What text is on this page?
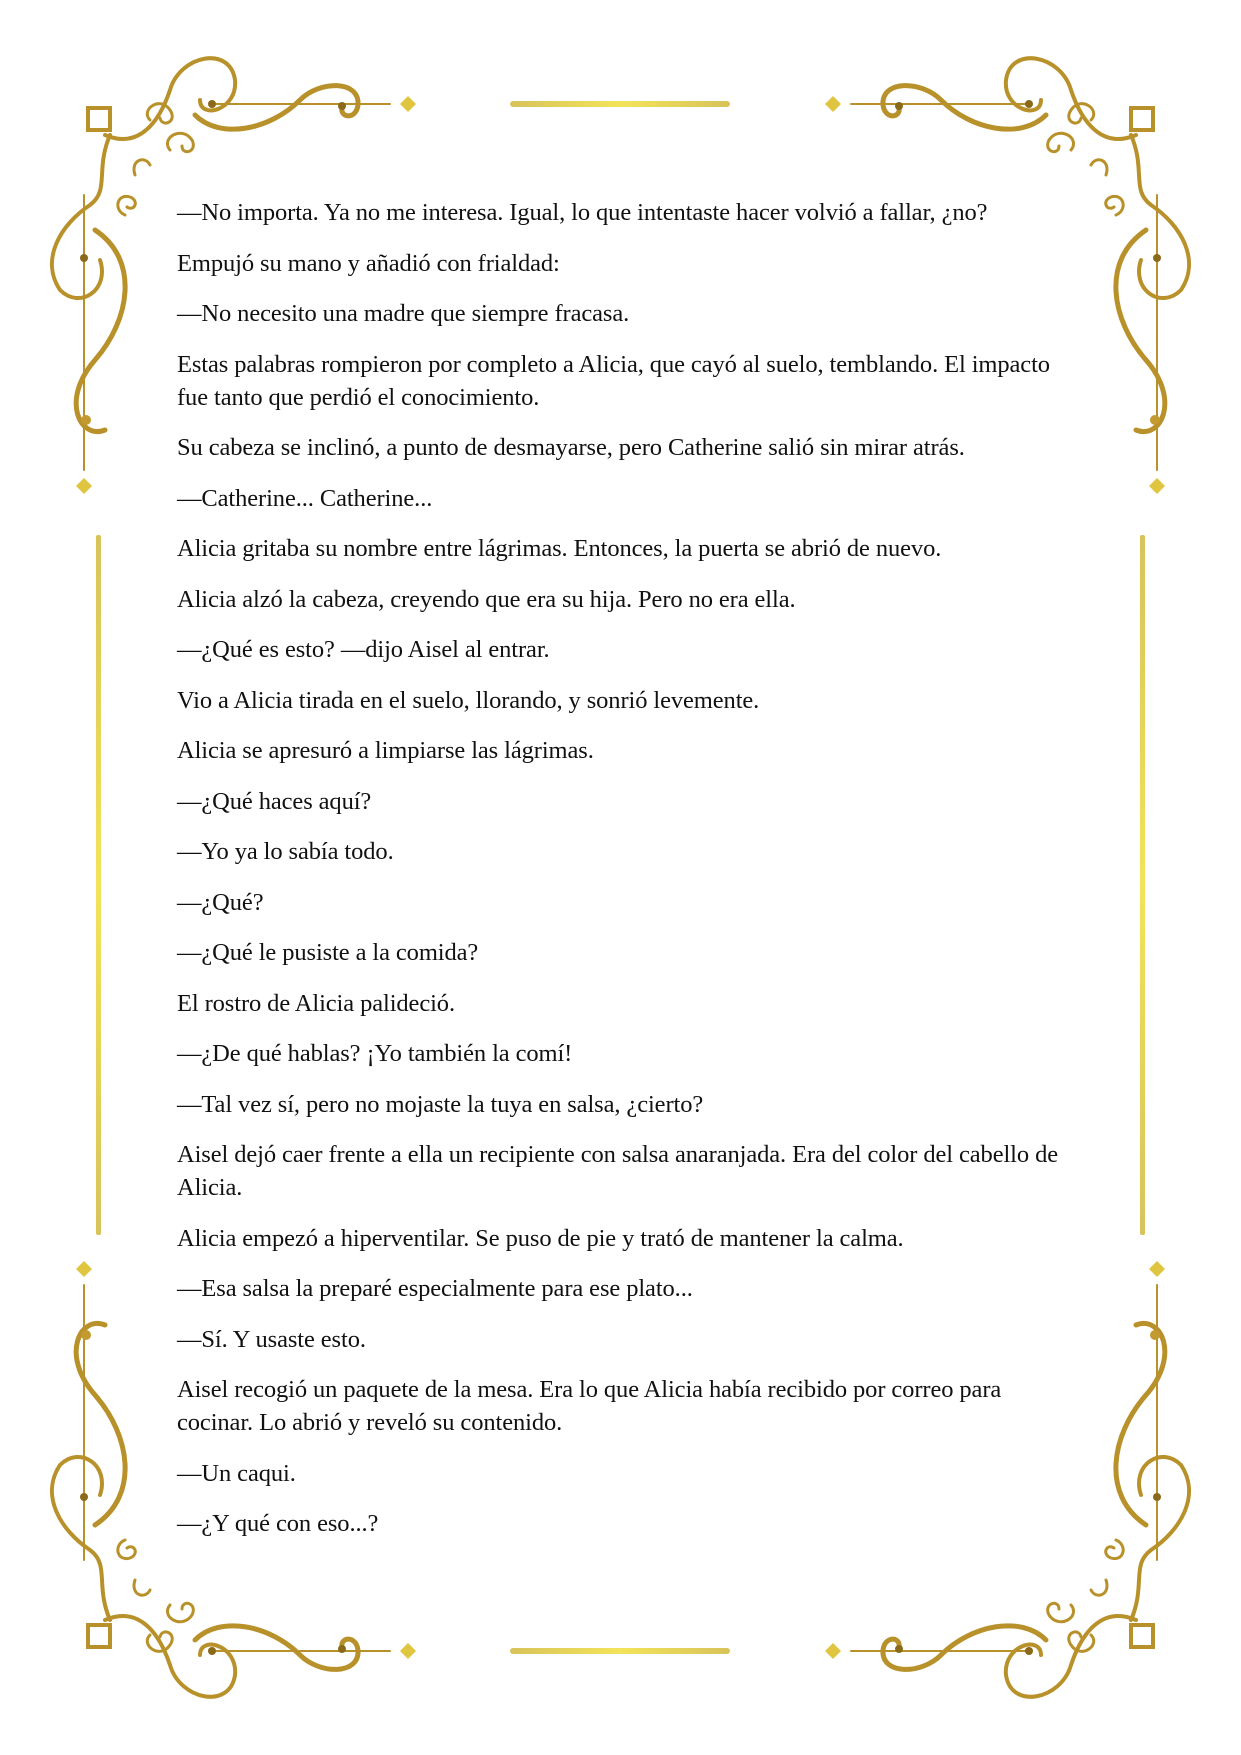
—No importa. Ya no me interesa. Igual, lo que intentaste hacer volvió a fallar, ¿no?

Empujó su mano y añadió con frialdad:

—No necesito una madre que siempre fracasa.

Estas palabras rompieron por completo a Alicia, que cayó al suelo, temblando. El impacto fue tanto que perdió el conocimiento.

Su cabeza se inclinó, a punto de desmayarse, pero Catherine salió sin mirar atrás.

—Catherine... Catherine...

Alicia gritaba su nombre entre lágrimas. Entonces, la puerta se abrió de nuevo.

Alicia alzó la cabeza, creyendo que era su hija. Pero no era ella.

—¿Qué es esto? —dijo Aisel al entrar.

Vio a Alicia tirada en el suelo, llorando, y sonrió levemente.

Alicia se apresuró a limpiarse las lágrimas.

—¿Qué haces aquí?

—Yo ya lo sabía todo.

—¿Qué?

—¿Qué le pusiste a la comida?

El rostro de Alicia palideció.

—¿De qué hablas? ¡Yo también la comí!

—Tal vez sí, pero no mojaste la tuya en salsa, ¿cierto?

Aisel dejó caer frente a ella un recipiente con salsa anaranjada. Era del color del cabello de Alicia.

Alicia empezó a hiperventilar. Se puso de pie y trató de mantener la calma.

—Esa salsa la preparé especialmente para ese plato...

—Sí. Y usaste esto.

Aisel recogió un paquete de la mesa. Era lo que Alicia había recibido por correo para cocinar. Lo abrió y reveló su contenido.

—Un caqui.

—¿Y qué con eso...?
